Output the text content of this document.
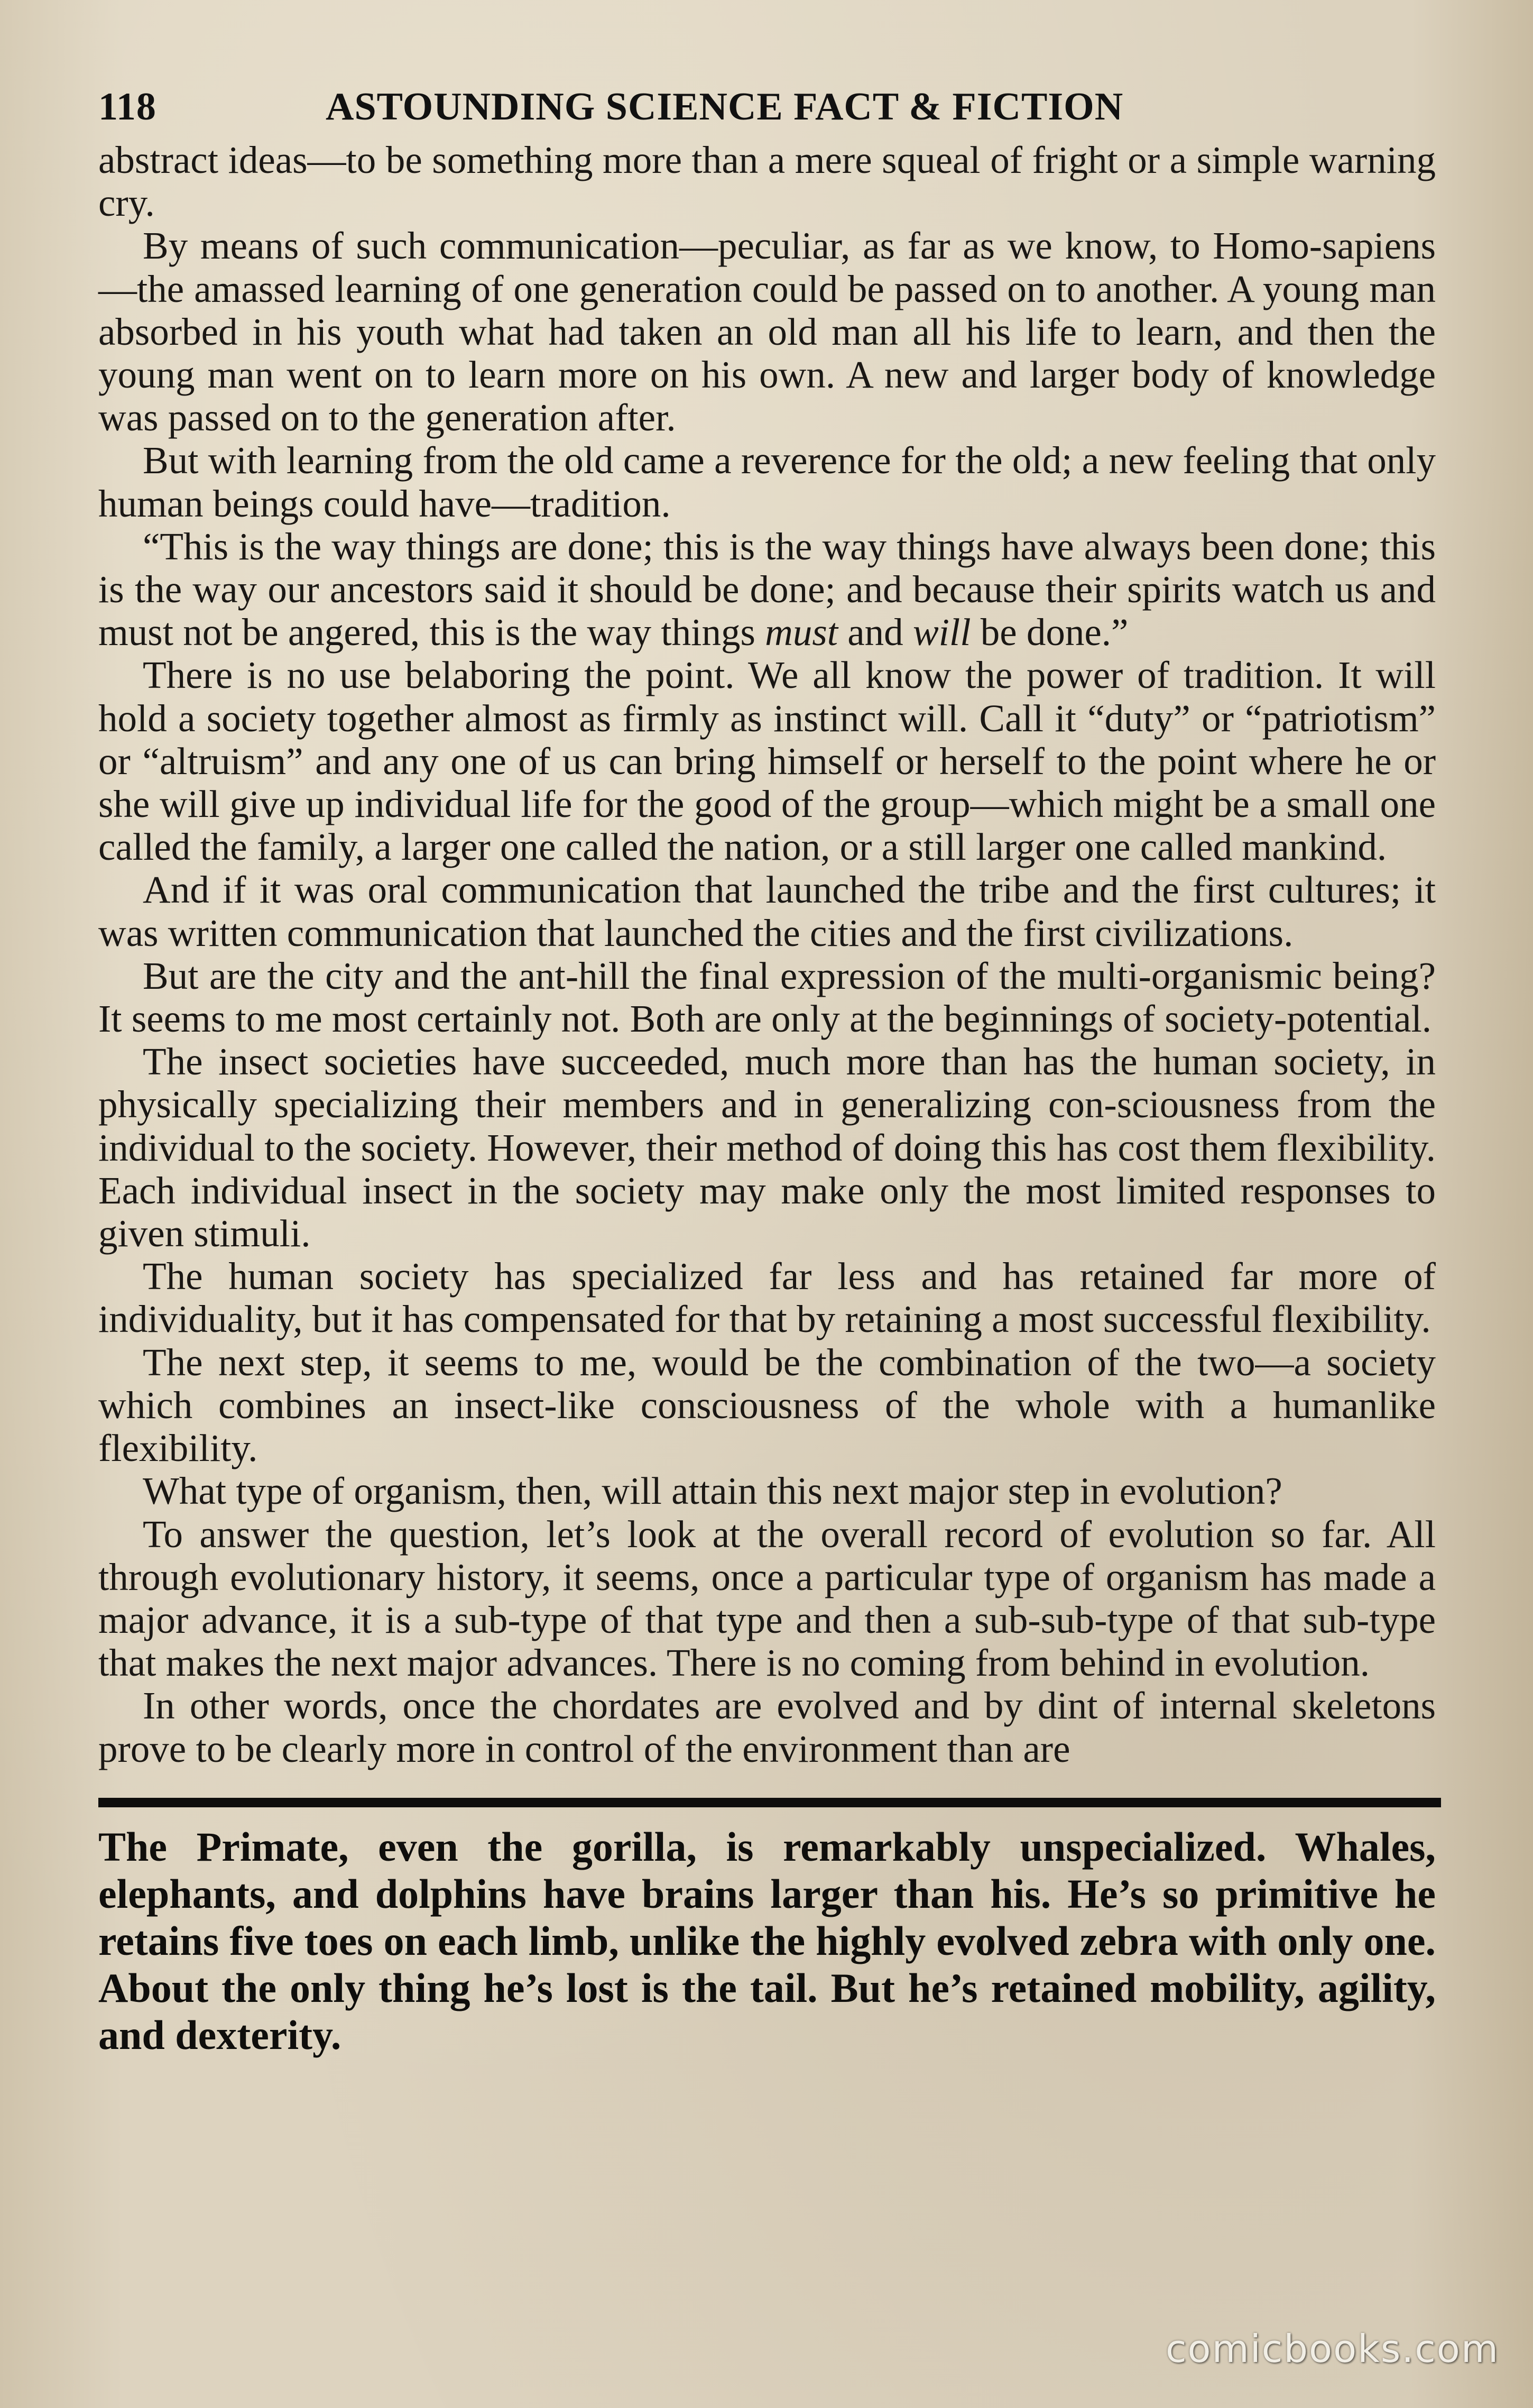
118	ASTOUNDING SCIENCE FACT & FICTION

abstract ideas—to be something more than a mere squeal of fright or a simple warning cry.

By means of such communication—peculiar, as far as we know, to Homo-sapiens—the amassed learning of one generation could be passed on to another. A young man absorbed in his youth what had taken an old man all his life to learn, and then the young man went on to learn more on his own. A new and larger body of knowledge was passed on to the generation after.

But with learning from the old came a reverence for the old; a new feeling that only human beings could have—tradition.

“This is the way things are done; this is the way things have always been done; this is the way our ancestors said it should be done; and because their spirits watch us and must not be angered, this is the way things must and will be done.”

There is no use belaboring the point. We all know the power of tradition. It will hold a society together almost as firmly as instinct will. Call it “duty” or “patriotism” or “altruism” and any one of us can bring himself or herself to the point where he or she will give up individual life for the good of the group—which might be a small one called the family, a larger one called the nation, or a still larger one called mankind.

And if it was oral communication that launched the tribe and the first cultures; it was written communication that launched the cities and the first civilizations.

But are the city and the ant-hill the final expression of the multi-organismic being? It seems to me most certainly not. Both are only at the beginnings of society-potential.

The insect societies have succeeded, much more than has the human society, in physically specializing their members and in generalizing con-sciousness from the individual to the society. However, their method of doing this has cost them flexibility. Each individual insect in the society may make only the most limited responses to given stimuli.

The human society has specialized far less and has retained far more of individuality, but it has compensated for that by retaining a most successful flexibility.

The next step, it seems to me, would be the combination of the two—a society which combines an insect-like consciousness of the whole with a humanlike flexibility.

What type of organism, then, will attain this next major step in evolution?

To answer the question, let’s look at the overall record of evolution so far. All through evolutionary history, it seems, once a particular type of organism has made a major advance, it is a sub-type of that type and then a sub-sub-type of that sub-type that makes the next major advances. There is no coming from behind in evolution.

In other words, once the chordates are evolved and by dint of internal skeletons prove to be clearly more in control of the environment than are

The Primate, even the gorilla, is remarkably unspecialized. Whales, elephants, and dolphins have brains larger than his. He’s so primitive he retains five toes on each limb, unlike the highly evolved zebra with only one. About the only thing he’s lost is the tail. But he’s retained mobility, agility, and dexterity.
comicbooks.com
